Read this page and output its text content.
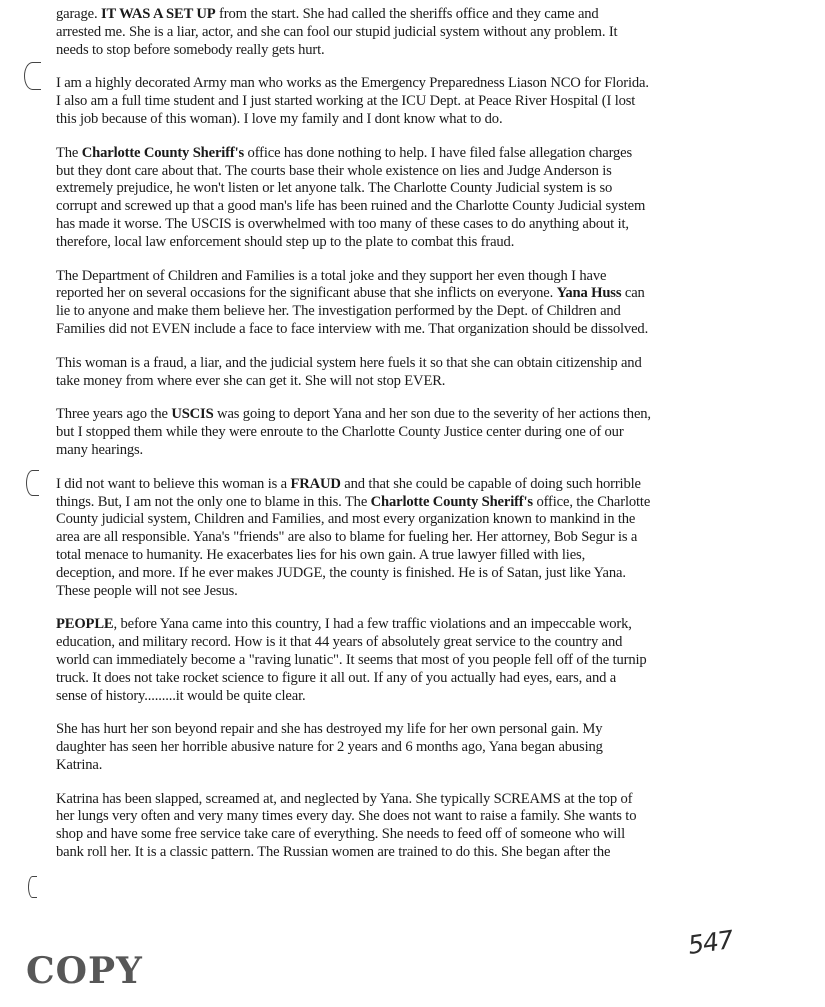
garage. IT WAS A SET UP from the start. She had called the sheriffs office and they came and
arrested me. She is a liar, actor, and she can fool our stupid judicial system without any problem. It
needs to stop before somebody really gets hurt.

I am a highly decorated Army man who works as the Emergency Preparedness Liason NCO for Florida.
I also am a full time student and I just started working at the ICU Dept. at Peace River Hospital (I lost
this job because of this woman). I love my family and I dont know what to do.

The Charlotte County Sheriff's office has done nothing to help. I have filed false allegation charges
but they dont care about that. The courts base their whole existence on lies and Judge Anderson is
extremely prejudice, he won't listen or let anyone talk. The Charlotte County Judicial system is so
corrupt and screwed up that a good man's life has been ruined and the Charlotte County Judicial system
has made it worse. The USCIS is overwhelmed with too many of these cases to do anything about it,
therefore, local law enforcement should step up to the plate to combat this fraud.

The Department of Children and Families is a total joke and they support her even though I have
reported her on several occasions for the significant abuse that she inflicts on everyone. Yana Huss can
lie to anyone and make them believe her. The investigation performed by the Dept. of Children and
Families did not EVEN include a face to face interview with me. That organization should be dissolved.

This woman is a fraud, a liar, and the judicial system here fuels it so that she can obtain citizenship and
take money from where ever she can get it. She will not stop EVER.

Three years ago the USCIS was going to deport Yana and her son due to the severity of her actions then,
but I stopped them while they were enroute to the Charlotte County Justice center during one of our
many hearings.

I did not want to believe this woman is a FRAUD and that she could be capable of doing such horrible
things. But, I am not the only one to blame in this. The Charlotte County Sheriff's office, the Charlotte
County judicial system, Children and Families, and most every organization known to mankind in the
area are all responsible. Yana's "friends" are also to blame for fueling her. Her attorney, Bob Segur is a
total menace to humanity. He exacerbates lies for his own gain. A true lawyer filled with lies,
deception, and more. If he ever makes JUDGE, the county is finished. He is of Satan, just like Yana.
These people will not see Jesus.

PEOPLE, before Yana came into this country, I had a few traffic violations and an impeccable work,
education, and military record. How is it that 44 years of absolutely great service to the country and
world can immediately become a "raving lunatic". It seems that most of you people fell off of the turnip
truck. It does not take rocket science to figure it all out. If any of you actually had eyes, ears, and a
sense of history.........it would be quite clear.

She has hurt her son beyond repair and she has destroyed my life for her own personal gain. My
daughter has seen her horrible abusive nature for 2 years and 6 months ago, Yana began abusing
Katrina.

Katrina has been slapped, screamed at, and neglected by Yana. She typically SCREAMS at the top of
her lungs very often and very many times every day. She does not want to raise a family. She wants to
shop and have some free service take care of everything. She needs to feed off of someone who will
bank roll her. It is a classic pattern. The Russian women are trained to do this. She began after the

547
COPY
